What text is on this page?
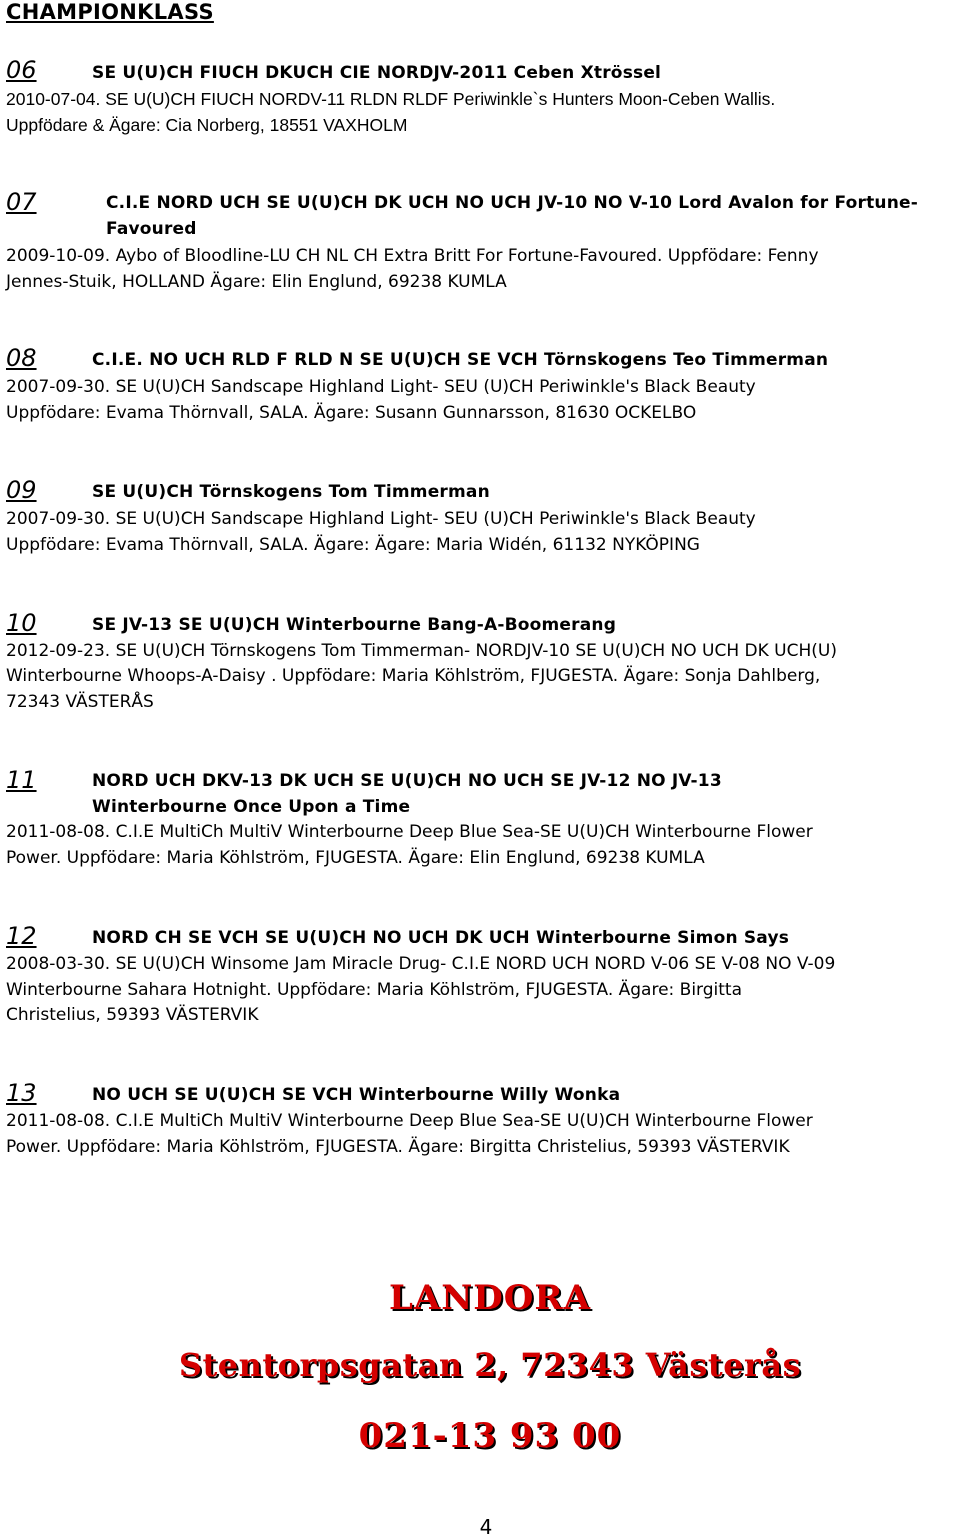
CHAMPIONKLASS
06	SE U(U)CH FIUCH DKUCH CIE NORDJV-2011 Ceben Xtrössel
2010-07-04. SE U(U)CH FIUCH NORDV-11 RLDN RLDF Periwinkle`s Hunters Moon-Ceben Wallis.
Uppfödare & Ägare: Cia Norberg, 18551 VAXHOLM
07	C.I.E NORD UCH SE U(U)CH DK UCH NO UCH JV-10 NO V-10 Lord Avalon for Fortune-
Favoured
2009-10-09. Aybo of Bloodline-LU CH NL CH Extra Britt For Fortune-Favoured. Uppfödare: Fenny
Jennes-Stuik, HOLLAND Ägare: Elin Englund, 69238 KUMLA
08	C.I.E. NO UCH RLD F RLD N SE U(U)CH SE VCH Törnskogens Teo Timmerman
2007-09-30. SE U(U)CH Sandscape Highland Light- SEU (U)CH Periwinkle's Black Beauty
Uppfödare: Evama Thörnvall, SALA. Ägare: Susann Gunnarsson, 81630 OCKELBO
09	SE U(U)CH Törnskogens Tom Timmerman
2007-09-30. SE U(U)CH Sandscape Highland Light- SEU (U)CH Periwinkle's Black Beauty
Uppfödare: Evama Thörnvall, SALA. Ägare: Ägare: Maria Widén, 61132 NYKÖPING
10	SE JV-13 SE U(U)CH Winterbourne Bang-A-Boomerang
2012-09-23. SE U(U)CH Törnskogens Tom Timmerman- NORDJV-10 SE U(U)CH NO UCH DK UCH(U)
Winterbourne Whoops-A-Daisy . Uppfödare: Maria Köhlström, FJUGESTA. Ägare: Sonja Dahlberg,
72343 VÄSTERÅS
11	NORD UCH DKV-13 DK UCH SE U(U)CH NO UCH SE JV-12 NO JV-13
Winterbourne Once Upon a Time
2011-08-08. C.I.E MultiCh MultiV Winterbourne Deep Blue Sea-SE U(U)CH Winterbourne Flower
Power. Uppfödare: Maria Köhlström, FJUGESTA. Ägare: Elin Englund, 69238 KUMLA
12	NORD CH SE VCH SE U(U)CH NO UCH DK UCH Winterbourne Simon Says
2008-03-30. SE U(U)CH Winsome Jam Miracle Drug- C.I.E NORD UCH NORD V-06 SE V-08 NO V-09
Winterbourne Sahara Hotnight. Uppfödare: Maria Köhlström, FJUGESTA. Ägare: Birgitta
Christelius, 59393 VÄSTERVIK
13	NO UCH SE U(U)CH SE VCH Winterbourne Willy Wonka
2011-08-08. C.I.E MultiCh MultiV Winterbourne Deep Blue Sea-SE U(U)CH Winterbourne Flower
Power. Uppfödare: Maria Köhlström, FJUGESTA. Ägare: Birgitta Christelius, 59393 VÄSTERVIK
LANDORA
Stentorpsgatan 2, 72343 Västerås
021-13 93 00
4
